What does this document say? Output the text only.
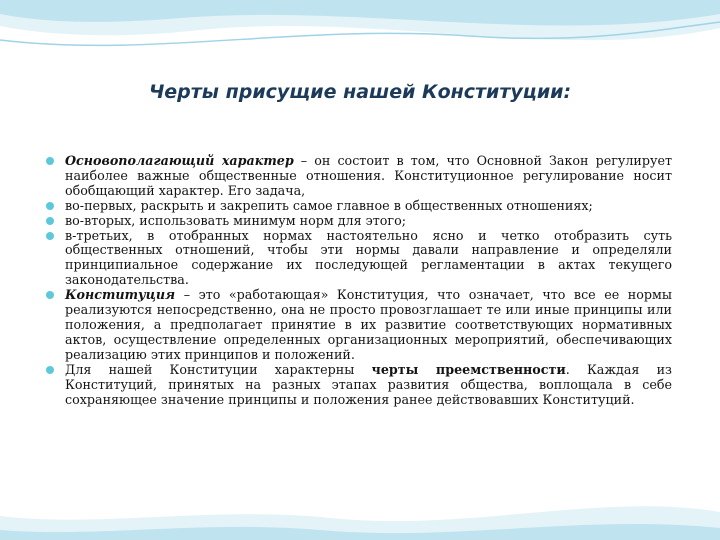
Черты присущие нашей Конституции:
Основополагающий характер – он состоит в том, что Основной Закон регулирует наиболее важные общественные отношения. Конституционное регулирование носит обобщающий характер. Его задача,
во-первых, раскрыть и закрепить самое главное в общественных отношениях;
во-вторых, использовать минимум норм для этого;
в-третьих, в отобранных нормах настоятельно ясно и четко отобразить суть общественных отношений, чтобы эти нормы давали направление и определяли принципиальное содержание их последующей регламентации в актах текущего законодательства.
Конституция – это «работающая» Конституция, что означает, что все ее нормы реализуются непосредственно, она не просто провозглашает те или иные принципы или положения, а предполагает принятие в их развитие соответствующих нормативных актов, осуществление определенных организационных мероприятий, обеспечивающих реализацию этих принципов и положений.
Для нашей Конституции характерны черты преемственности. Каждая из Конституций, принятых на разных этапах развития общества, воплощала в себе сохраняющее значение принципы и положения ранее действовавших Конституций.
